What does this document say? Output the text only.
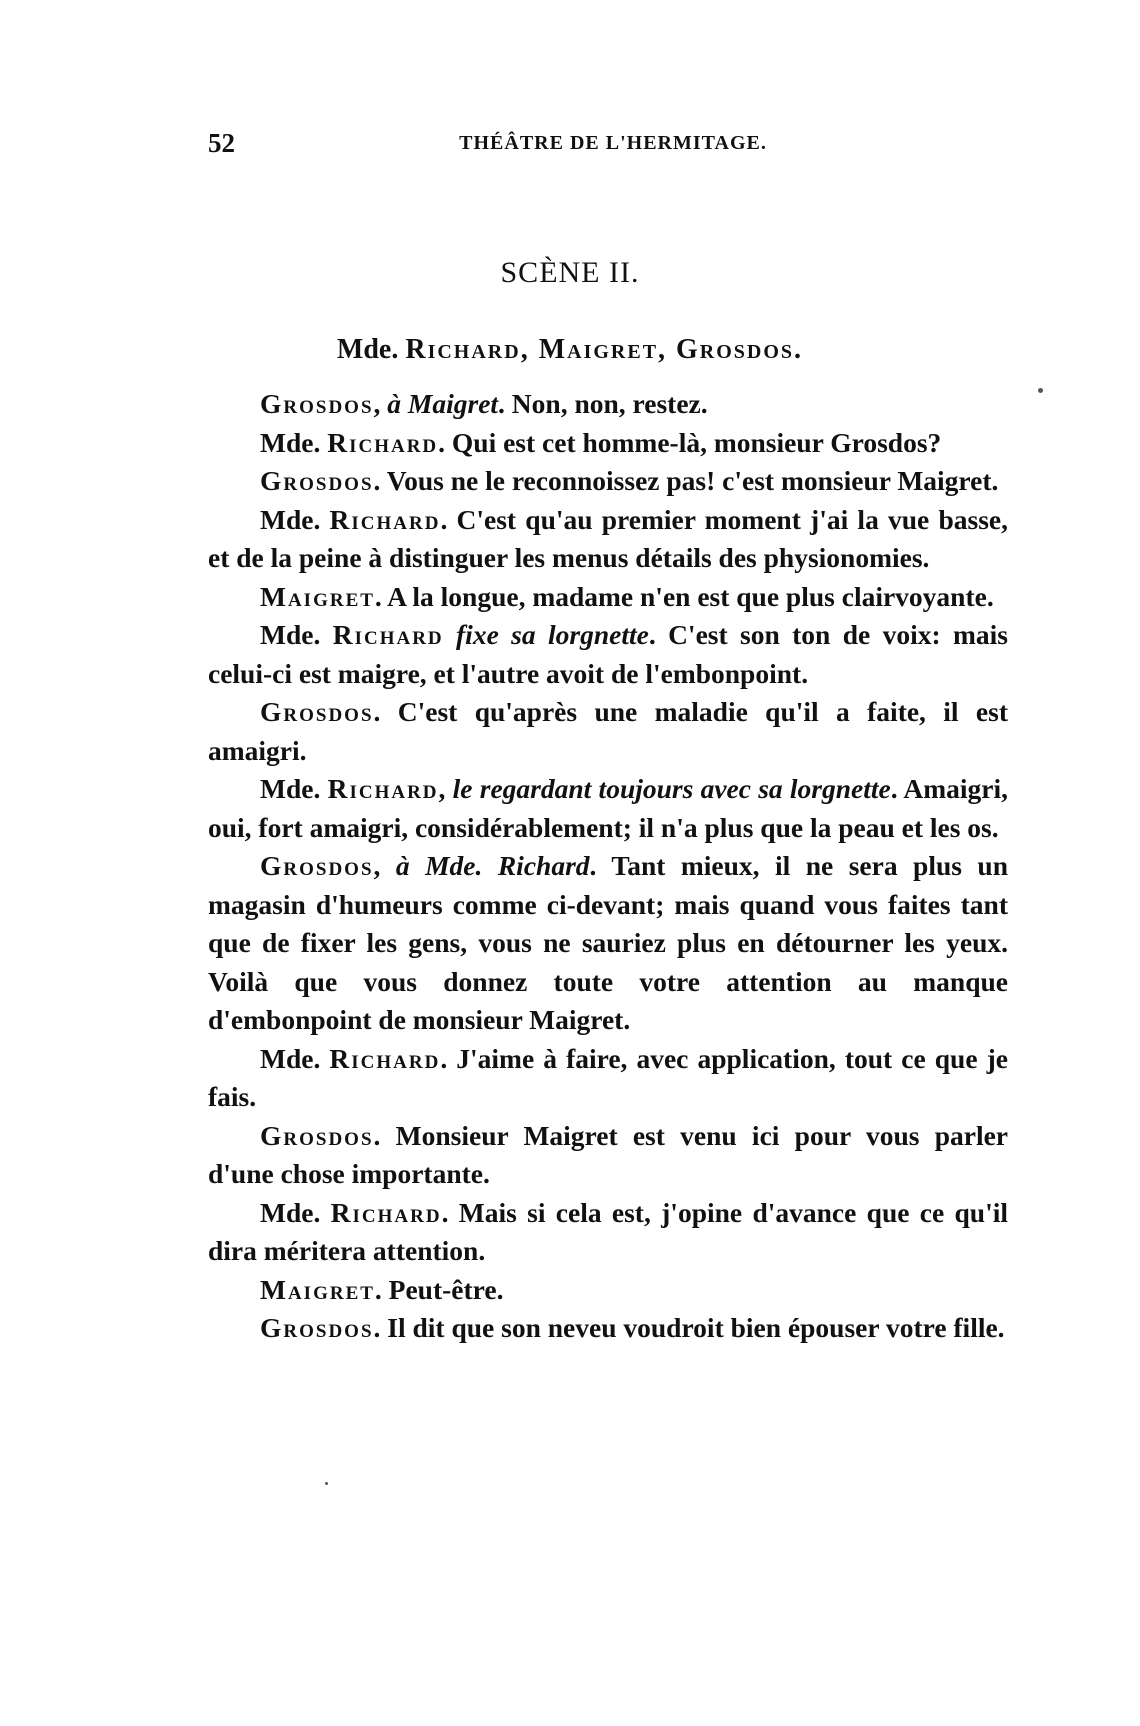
52	THÉÂTRE DE L'HERMITAGE.
SCÈNE II.
Mde. Richard, Maigret, Grosdos.

Grosdos, à Maigret. Non, non, restez.

Mde. Richard. Qui est cet homme-là, monsieur Grosdos?

Grosdos. Vous ne le reconnoissez pas! c'est monsieur Maigret.

Mde. Richard. C'est qu'au premier moment j'ai la vue basse, et de la peine à distinguer les menus détails des physionomies.

Maigret. A la longue, madame n'en est que plus clairvoyante.

Mde. Richard fixe sa lorgnette. C'est son ton de voix: mais celui-ci est maigre, et l'autre avoit de l'embonpoint.

Grosdos. C'est qu'après une maladie qu'il a faite, il est amaigri.

Mde. Richard, le regardant toujours avec sa lorgnette. Amaigri, oui, fort amaigri, considérablement; il n'a plus que la peau et les os.

Grosdos, à Mde. Richard. Tant mieux, il ne sera plus un magasin d'humeurs comme ci-devant; mais quand vous faites tant que de fixer les gens, vous ne sauriez plus en détourner les yeux. Voilà que vous donnez toute votre attention au manque d'embonpoint de monsieur Maigret.

Mde. Richard. J'aime à faire, avec application, tout ce que je fais.

Grosdos. Monsieur Maigret est venu ici pour vous parler d'une chose importante.

Mde. Richard. Mais si cela est, j'opine d'avance que ce qu'il dira méritera attention.

Maigret. Peut-être.

Grosdos. Il dit que son neveu voudroit bien épouser votre fille.
